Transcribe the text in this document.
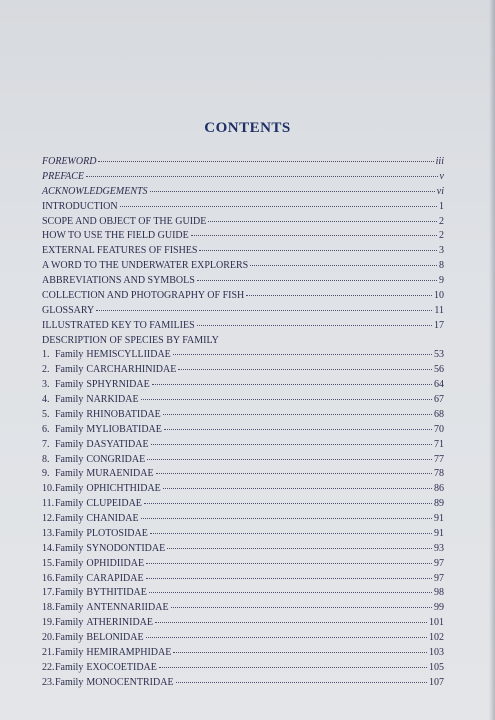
CONTENTS
FOREWORD	iii
PREFACE	v
ACKNOWLEDGEMENTS	vi
INTRODUCTION	1
SCOPE AND OBJECT OF THE GUIDE	2
HOW TO USE THE FIELD GUIDE	2
EXTERNAL FEATURES OF FISHES	3
A WORD TO THE UNDERWATER EXPLORERS	8
ABBREVIATIONS AND SYMBOLS	9
COLLECTION AND PHOTOGRAPHY OF FISH	10
GLOSSARY	11
ILLUSTRATED KEY TO FAMILIES	17
DESCRIPTION OF SPECIES BY FAMILY
1. Family HEMISCYLLIIDAE	53
2. Family CARCHARHINIDAE	56
3. Family SPHYRNIDAE	64
4. Family NARKIDAE	67
5. Family RHINOBATIDAE	68
6. Family MYLIOBATIDAE	70
7. Family DASYATIDAE	71
8. Family CONGRIDAE	77
9. Family MURAENIDAE	78
10.Family OPHICHTHIDAE	86
11.Family CLUPEIDAE	89
12.Family CHANIDAE	91
13.Family PLOTOSIDAE	91
14.Family SYNODONTIDAE	93
15.Family OPHIDIIDAE	97
16.Family CARAPIDAE	97
17.Family BYTHITIDAE	98
18.Family ANTENNARIIDAE	99
19.Family ATHERINIDAE	101
20.Family BELONIDAE	102
21.Family HEMIRAMPHIDAE	103
22.Family EXOCOETIDAE	105
23.Family MONOCENTRIDAE	107
